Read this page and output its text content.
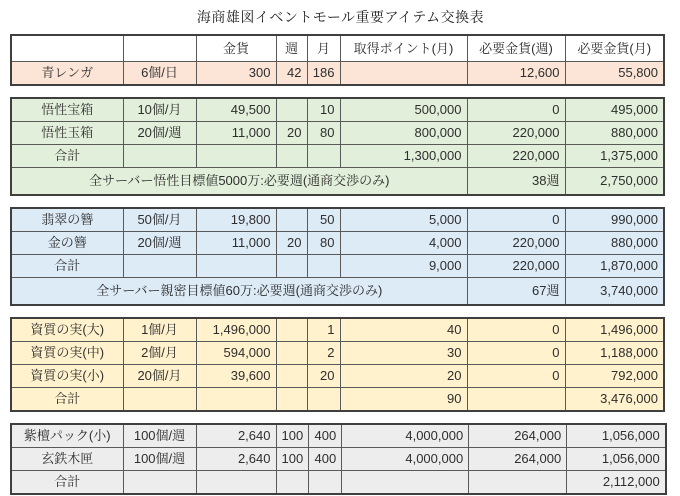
海商雄図イベントモール重要アイテム交換表
		金貨	週	月	取得ポイント(月)	必要金貨(週)	必要金貨(月)
青レンガ	6個/日	300	42	186		12,600	55,800
悟性宝箱	10個/月	49,500		10	500,000	0	495,000
悟性玉箱	20個/週	11,000	20	80	800,000	220,000	880,000
合計					1,300,000	220,000	1,375,000
全サーバー悟性目標値5000万:必要週(通商交渉のみ)						38週	2,750,000
翡翠の簪	50個/月	19,800		50	5,000	0	990,000
金の簪	20個/週	11,000	20	80	4,000	220,000	880,000
合計					9,000	220,000	1,870,000
全サーバー親密目標値60万:必要週(通商交渉のみ)						67週	3,740,000
資質の実(大)	1個/月	1,496,000		1	40	0	1,496,000
資質の実(中)	2個/月	594,000		2	30	0	1,188,000
資質の実(小)	20個/月	39,600		20	20	0	792,000
合計					90		3,476,000
紫檀パック(小)	100個/週	2,640	100	400	4,000,000	264,000	1,056,000
玄鉄木匣	100個/週	2,640	100	400	4,000,000	264,000	1,056,000
合計							2,112,000
